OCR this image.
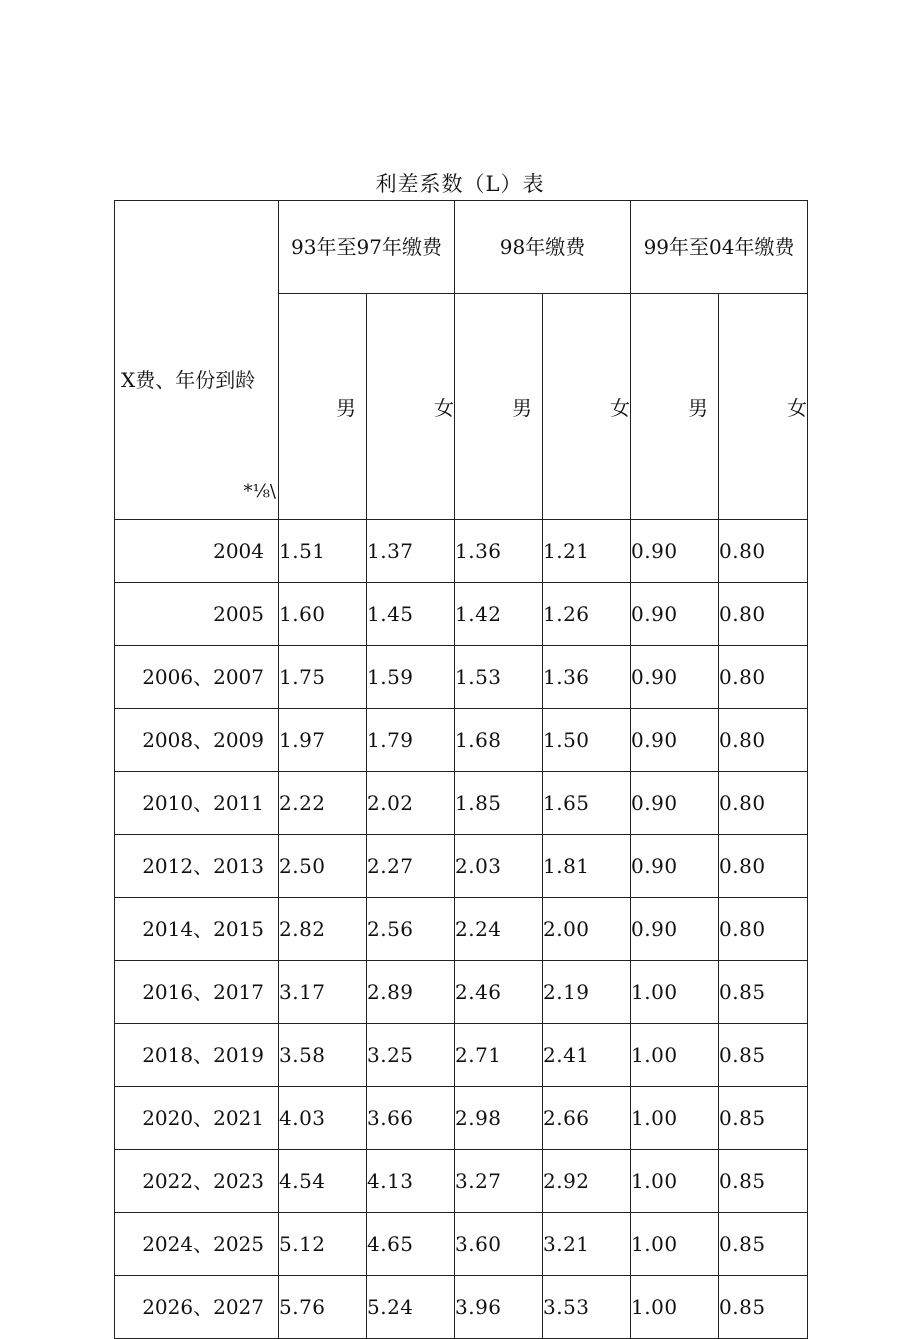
利差系数（L）表
X费、年份到龄
*⅛\	93年至97年缴费		98年缴费		99年至04年缴费	

	男	女	男	女	男	女

2004	1.51	1.37	1.36	1.21	0.90	0.80
2005	1.60	1.45	1.42	1.26	0.90	0.80
2006、2007	1.75	1.59	1.53	1.36	0.90	0.80
2008、2009	1.97	1.79	1.68	1.50	0.90	0.80
2010、2011	2.22	2.02	1.85	1.65	0.90	0.80
2012、2013	2.50	2.27	2.03	1.81	0.90	0.80
2014、2015	2.82	2.56	2.24	2.00	0.90	0.80
2016、2017	3.17	2.89	2.46	2.19	1.00	0.85
2018、2019	3.58	3.25	2.71	2.41	1.00	0.85
2020、2021	4.03	3.66	2.98	2.66	1.00	0.85
2022、2023	4.54	4.13	3.27	2.92	1.00	0.85
2024、2025	5.12	4.65	3.60	3.21	1.00	0.85
2026、2027	5.76	5.24	3.96	3.53	1.00	0.85
